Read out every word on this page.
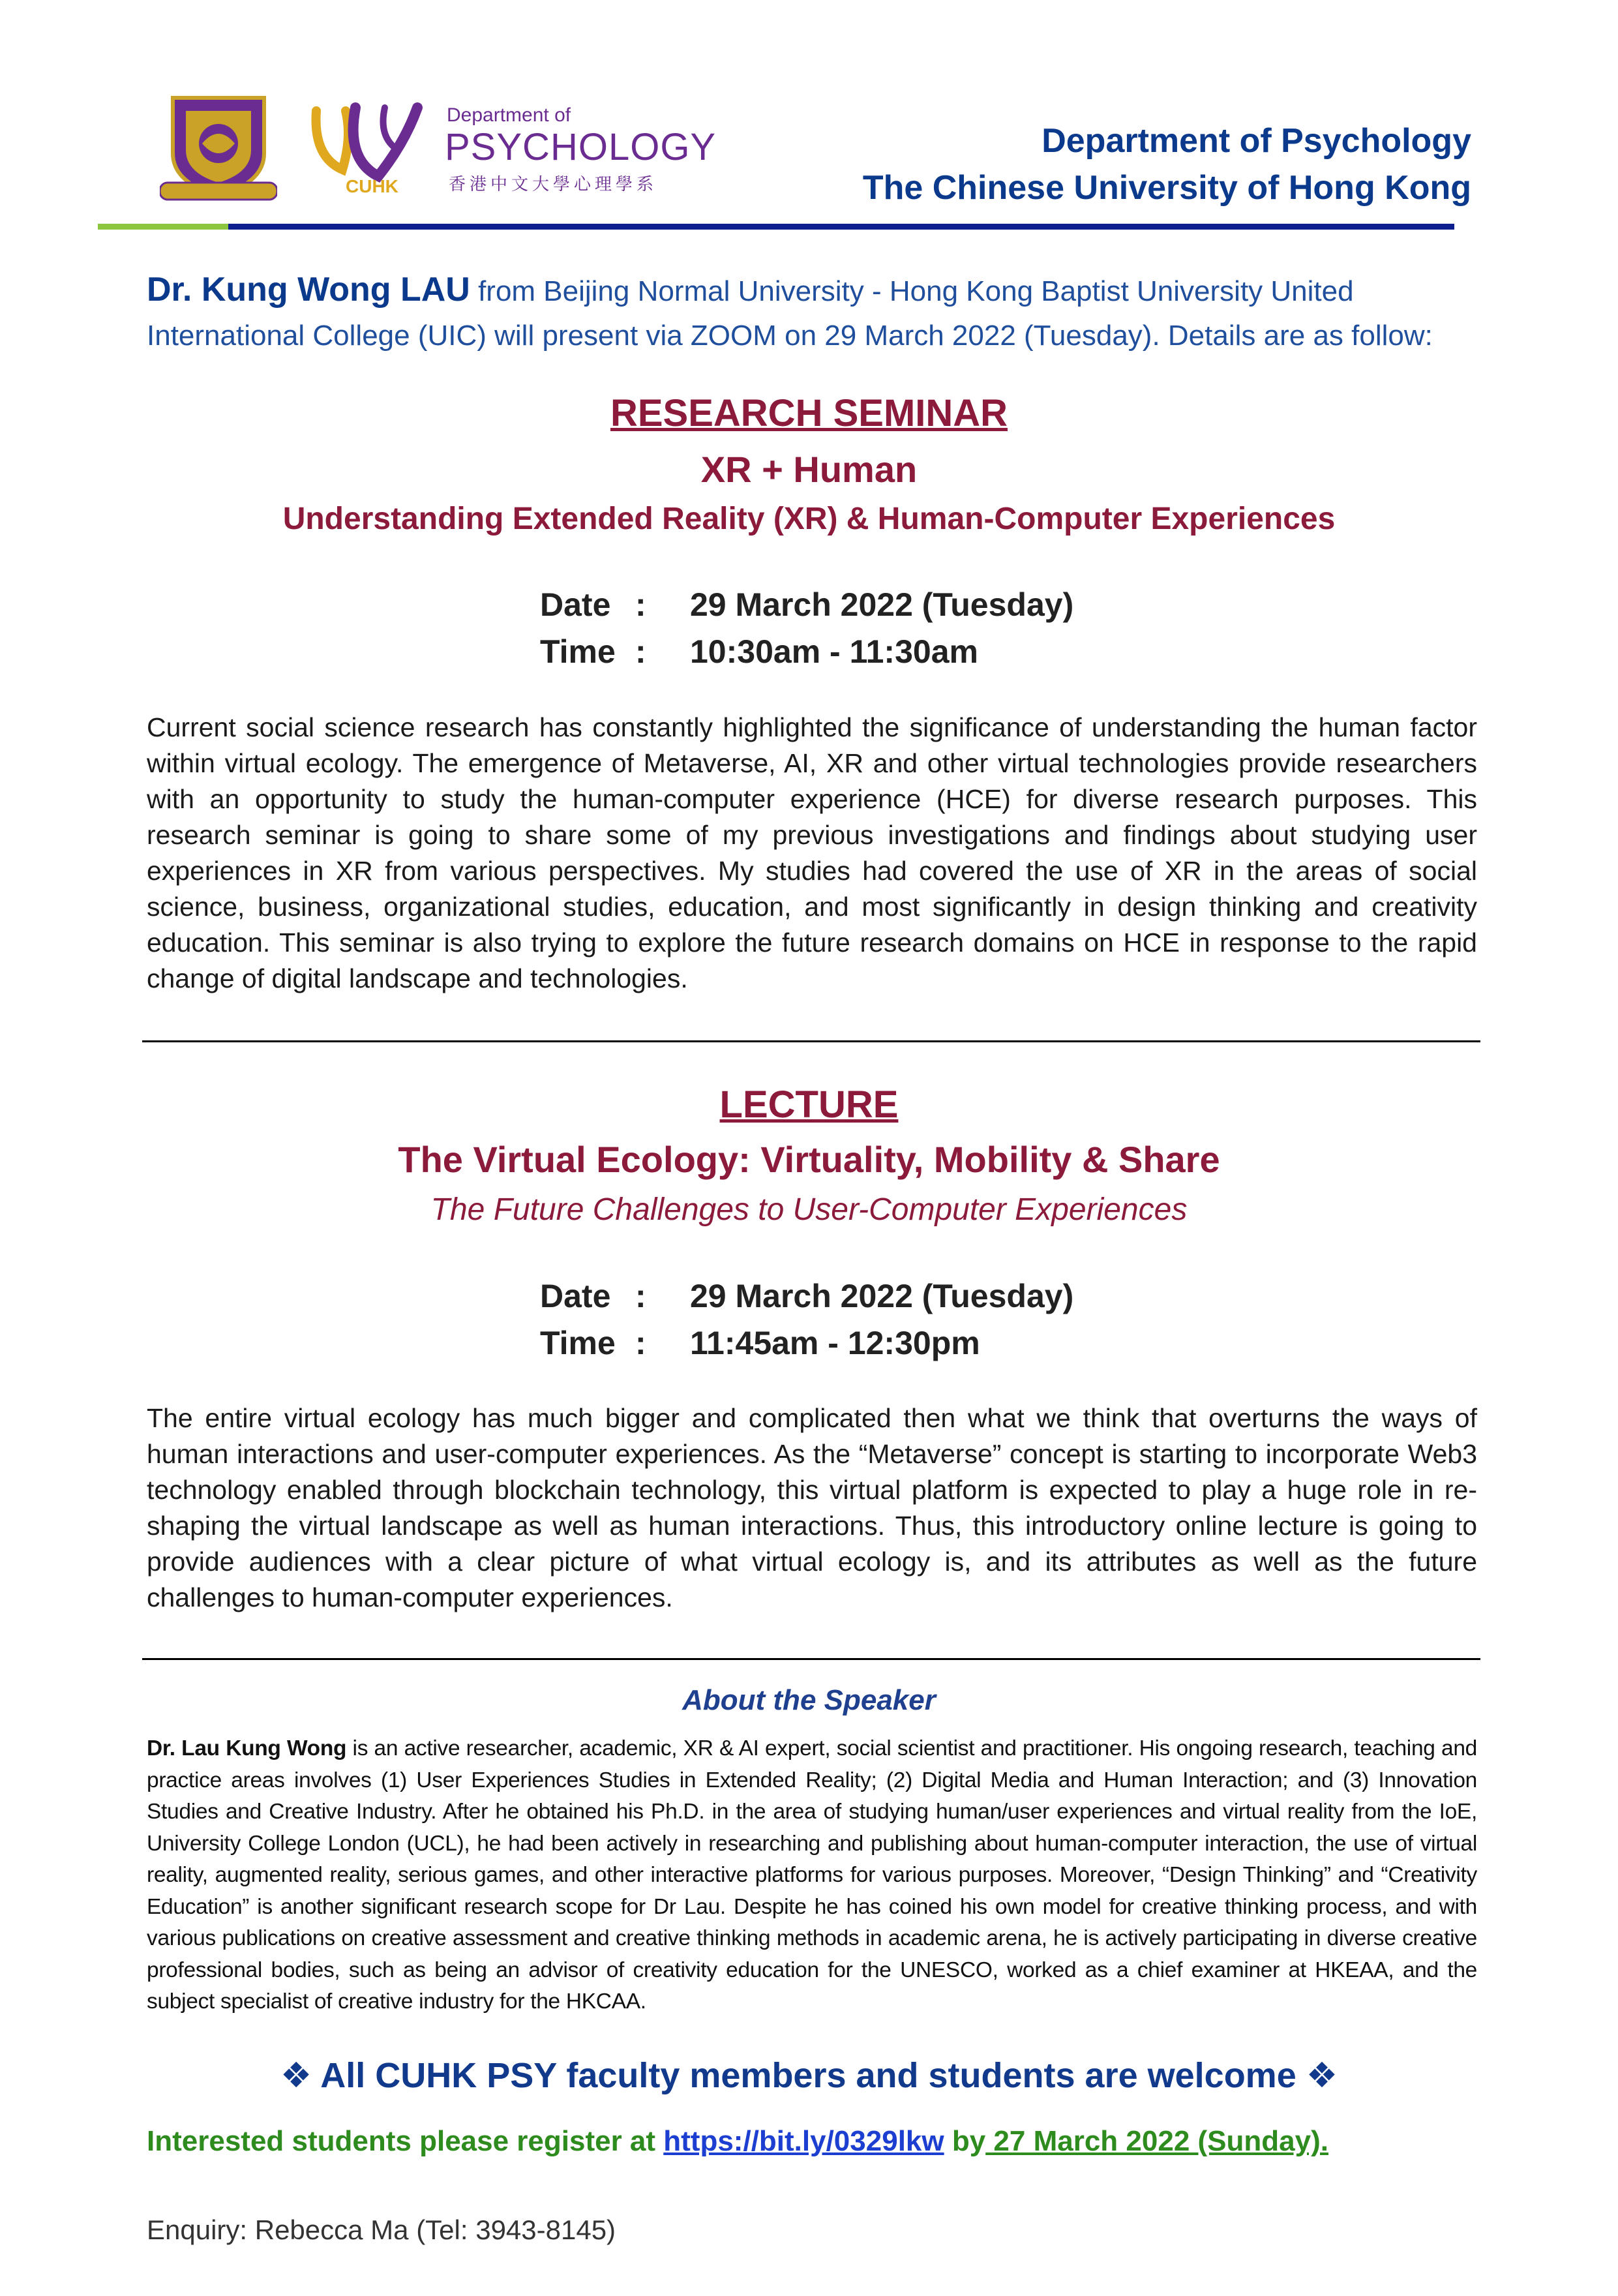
CUHK
Department of
PSYCHOLOGY
香港中文大學心理學系
Department of Psychology
The Chinese University of Hong Kong
Dr. Kung Wong LAU from Beijing Normal University - Hong Kong Baptist University United International College (UIC) will present via ZOOM on 29 March 2022 (Tuesday). Details are as follow:
RESEARCH SEMINAR
XR + Human
Understanding Extended Reality (XR) & Human-Computer Experiences
Date : 29 March 2022 (Tuesday)
Time : 10:30am - 11:30am
Current social science research has constantly highlighted the significance of understanding the human factor within virtual ecology. The emergence of Metaverse, AI, XR and other virtual technologies provide researchers with an opportunity to study the human-computer experience (HCE) for diverse research purposes. This research seminar is going to share some of my previous investigations and findings about studying user experiences in XR from various perspectives. My studies had covered the use of XR in the areas of social science, business, organizational studies, education, and most significantly in design thinking and creativity education. This seminar is also trying to explore the future research domains on HCE in response to the rapid change of digital landscape and technologies.
LECTURE
The Virtual Ecology: Virtuality, Mobility & Share
The Future Challenges to User-Computer Experiences
Date : 29 March 2022 (Tuesday)
Time : 11:45am - 12:30pm
The entire virtual ecology has much bigger and complicated then what we think that overturns the ways of human interactions and user-computer experiences. As the “Metaverse” concept is starting to incorporate Web3 technology enabled through blockchain technology, this virtual platform is expected to play a huge role in re-shaping the virtual landscape as well as human interactions. Thus, this introductory online lecture is going to provide audiences with a clear picture of what virtual ecology is, and its attributes as well as the future challenges to human-computer experiences.
About the Speaker
Dr. Lau Kung Wong is an active researcher, academic, XR & AI expert, social scientist and practitioner. His ongoing research, teaching and practice areas involves (1) User Experiences Studies in Extended Reality; (2) Digital Media and Human Interaction; and (3) Innovation Studies and Creative Industry. After he obtained his Ph.D. in the area of studying human/user experiences and virtual reality from the IoE, University College London (UCL), he had been actively in researching and publishing about human-computer interaction, the use of virtual reality, augmented reality, serious games, and other interactive platforms for various purposes. Moreover, “Design Thinking” and “Creativity Education” is another significant research scope for Dr Lau. Despite he has coined his own model for creative thinking process, and with various publications on creative assessment and creative thinking methods in academic arena, he is actively participating in diverse creative professional bodies, such as being an advisor of creativity education for the UNESCO, worked as a chief examiner at HKEAA, and the subject specialist of creative industry for the HKCAA.
❖ All CUHK PSY faculty members and students are welcome ❖
Interested students please register at https://bit.ly/0329lkw by 27 March 2022 (Sunday).
Enquiry: Rebecca Ma (Tel: 3943-8145)
